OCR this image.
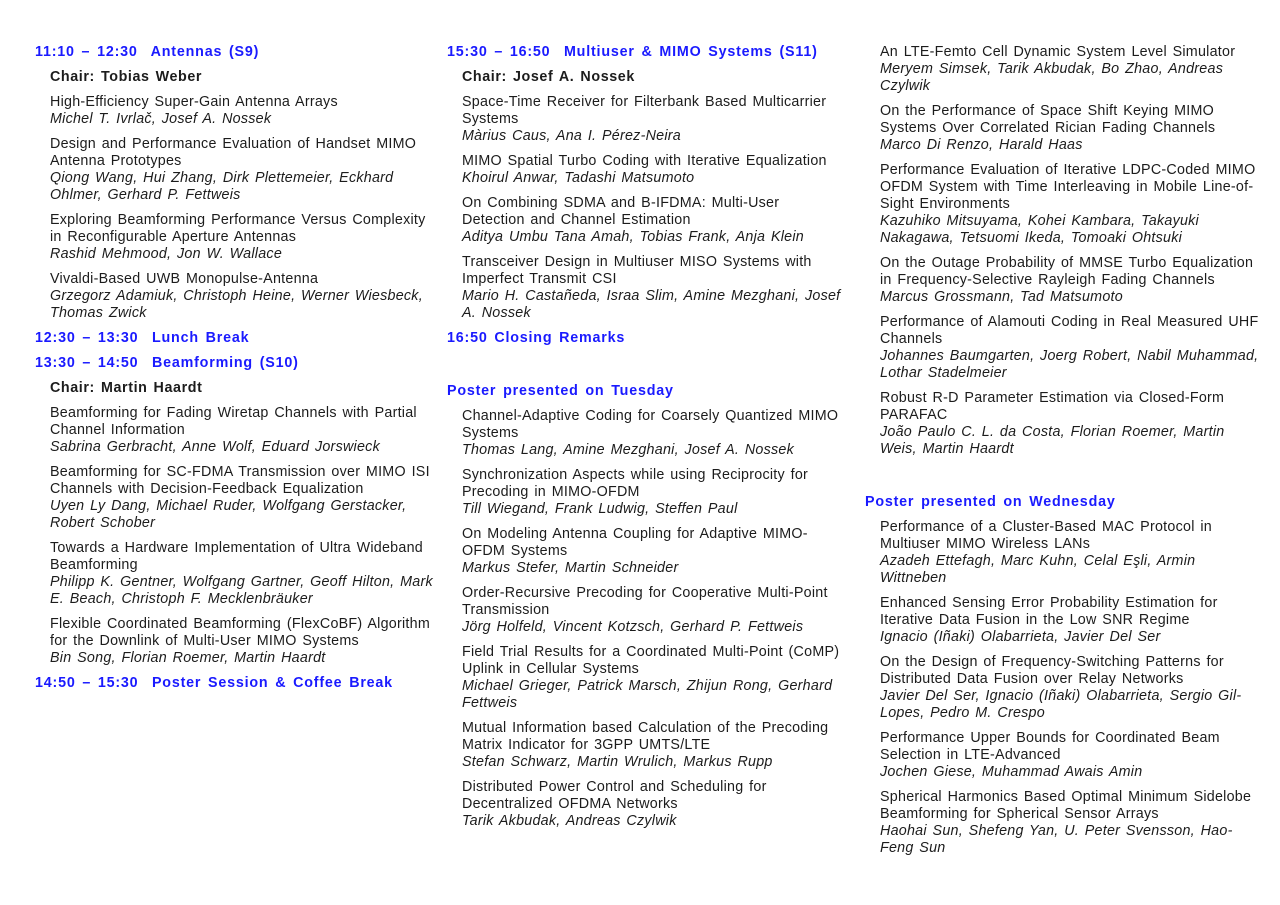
11:10 – 12:30  Antennas (S9)
Chair: Tobias Weber
High-Efficiency Super-Gain Antenna Arrays
Michel T. Ivrlač, Josef A. Nossek
Design and Performance Evaluation of Handset MIMO Antenna Prototypes
Qiong Wang, Hui Zhang, Dirk Plettemeier, Eckhard Ohlmer, Gerhard P. Fettweis
Exploring Beamforming Performance Versus Complexity in Reconfigurable Aperture Antennas
Rashid Mehmood, Jon W. Wallace
Vivaldi-Based UWB Monopulse-Antenna
Grzegorz Adamiuk, Christoph Heine, Werner Wiesbeck, Thomas Zwick
12:30 – 13:30  Lunch Break
13:30 – 14:50  Beamforming (S10)
Chair: Martin Haardt
Beamforming for Fading Wiretap Channels with Partial Channel Information
Sabrina Gerbracht, Anne Wolf, Eduard Jorswieck
Beamforming for SC-FDMA Transmission over MIMO ISI Channels with Decision-Feedback Equalization
Uyen Ly Dang, Michael Ruder, Wolfgang Gerstacker, Robert Schober
Towards a Hardware Implementation of Ultra Wideband Beamforming
Philipp K. Gentner, Wolfgang Gartner, Geoff Hilton, Mark E. Beach, Christoph F. Mecklenbräuker
Flexible Coordinated Beamforming (FlexCoBF) Algorithm for the Downlink of Multi-User MIMO Systems
Bin Song, Florian Roemer, Martin Haardt
14:50 – 15:30  Poster Session & Coffee Break
15:30 – 16:50  Multiuser & MIMO Systems (S11)
Chair: Josef A. Nossek
Space-Time Receiver for Filterbank Based Multicarrier Systems
Màrius Caus, Ana I. Pérez-Neira
MIMO Spatial Turbo Coding with Iterative Equalization
Khoirul Anwar, Tadashi Matsumoto
On Combining SDMA and B-IFDMA: Multi-User Detection and Channel Estimation
Aditya Umbu Tana Amah, Tobias Frank, Anja Klein
Transceiver Design in Multiuser MISO Systems with Imperfect Transmit CSI
Mario H. Castañeda, Israa Slim, Amine Mezghani, Josef A. Nossek
16:50 Closing Remarks
Poster presented on Tuesday
Channel-Adaptive Coding for Coarsely Quantized MIMO Systems
Thomas Lang, Amine Mezghani, Josef A. Nossek
Synchronization Aspects while using Reciprocity for Precoding in MIMO-OFDM
Till Wiegand, Frank Ludwig, Steffen Paul
On Modeling Antenna Coupling for Adaptive MIMO-OFDM Systems
Markus Stefer, Martin Schneider
Order-Recursive Precoding for Cooperative Multi-Point Transmission
Jörg Holfeld, Vincent Kotzsch, Gerhard P. Fettweis
Field Trial Results for a Coordinated Multi-Point (CoMP) Uplink in Cellular Systems
Michael Grieger, Patrick Marsch, Zhijun Rong, Gerhard Fettweis
Mutual Information based Calculation of the Precoding Matrix Indicator for 3GPP UMTS/LTE
Stefan Schwarz, Martin Wrulich, Markus Rupp
Distributed Power Control and Scheduling for Decentralized OFDMA Networks
Tarik Akbudak, Andreas Czylwik
An LTE-Femto Cell Dynamic System Level Simulator
Meryem Simsek, Tarik Akbudak, Bo Zhao, Andreas Czylwik
On the Performance of Space Shift Keying MIMO Systems Over Correlated Rician Fading Channels
Marco Di Renzo, Harald Haas
Performance Evaluation of Iterative LDPC-Coded MIMO OFDM System with Time Interleaving in Mobile Line-of-Sight Environments
Kazuhiko Mitsuyama, Kohei Kambara, Takayuki Nakagawa, Tetsuomi Ikeda, Tomoaki Ohtsuki
On the Outage Probability of MMSE Turbo Equalization in Frequency-Selective Rayleigh Fading Channels
Marcus Grossmann, Tad Matsumoto
Performance of Alamouti Coding in Real Measured UHF Channels
Johannes Baumgarten, Joerg Robert, Nabil Muhammad, Lothar Stadelmeier
Robust R-D Parameter Estimation via Closed-Form PARAFAC
João Paulo C. L. da Costa, Florian Roemer, Martin Weis, Martin Haardt
Poster presented on Wednesday
Performance of a Cluster-Based MAC Protocol in Multiuser MIMO Wireless LANs
Azadeh Ettefagh, Marc Kuhn, Celal Eşli, Armin Wittneben
Enhanced Sensing Error Probability Estimation for Iterative Data Fusion in the Low SNR Regime
Ignacio (Iñaki) Olabarrieta, Javier Del Ser
On the Design of Frequency-Switching Patterns for Distributed Data Fusion over Relay Networks
Javier Del Ser, Ignacio (Iñaki) Olabarrieta, Sergio Gil-Lopes, Pedro M. Crespo
Performance Upper Bounds for Coordinated Beam Selection in LTE-Advanced
Jochen Giese, Muhammad Awais Amin
Spherical Harmonics Based Optimal Minimum Sidelobe Beamforming for Spherical Sensor Arrays
Haohai Sun, Shefeng Yan, U. Peter Svensson, Hao-Feng Sun
